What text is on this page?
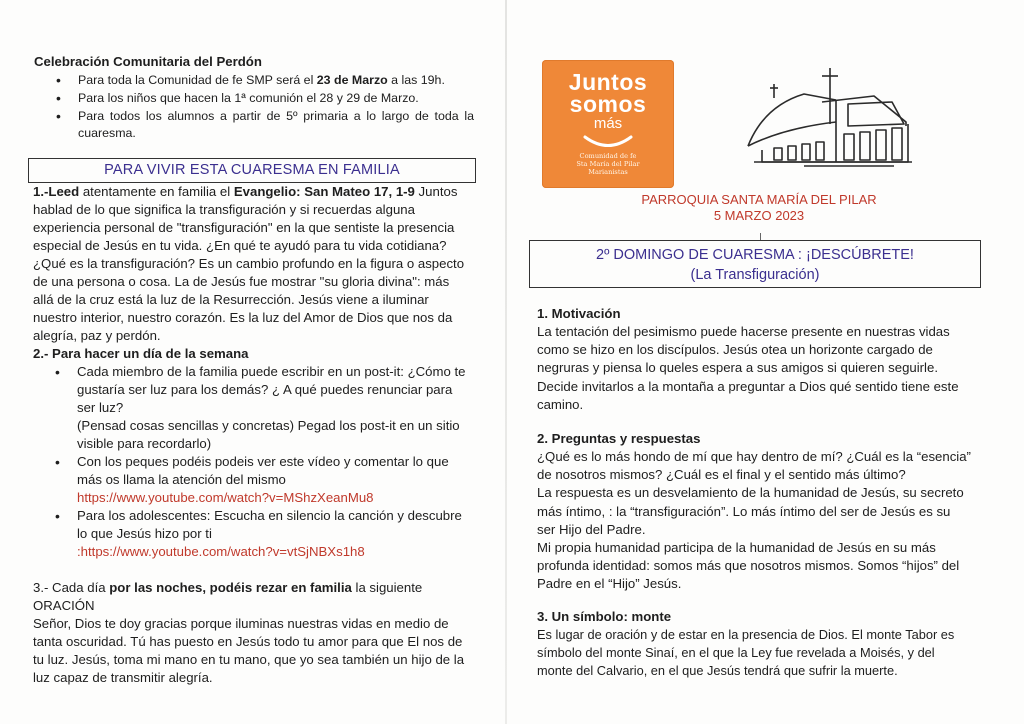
Celebración Comunitaria del Perdón
• Para toda la Comunidad de fe SMP será el 23 de Marzo a las 19h.
• Para los niños que hacen la 1ª comunión el 28 y 29 de Marzo.
• Para todos los alumnos a partir de 5º primaria a lo largo de toda la cuaresma.
PARA VIVIR ESTA CUARESMA EN FAMILIA

1.-Leed atentamente en familia el Evangelio: San Mateo 17, 1-9 Juntos hablad de lo que significa la transfiguración y si recuerdas alguna experiencia personal de "transfiguración" en la que sentiste la presencia especial de Jesús en tu vida. ¿En qué te ayudó para tu vida cotidiana? ¿Qué es la transfiguración? Es un cambio profundo en la figura o aspecto de una persona o cosa. La de Jesús fue mostrar "su gloria divina": más allá de la cruz está la luz de la Resurrección. Jesús viene a iluminar nuestro interior, nuestro corazón. Es la luz del Amor de Dios que nos da alegría, paz y perdón.

2.- Para hacer un día de la semana

• Cada miembro de la familia puede escribir en un post-it: ¿Cómo te gustaría ser luz para los demás? ¿ A qué puedes renunciar para ser luz?
(Pensad cosas sencillas y concretas) Pegad los post-it en un sitio visible para recordarlo)
• Con los peques podéis podeis ver este vídeo y comentar lo que más os llama la atención del mismo
https://www.youtube.com/watch?v=MShzXeanMu8
• Para los adolescentes: Escucha en silencio la canción y descubre lo que Jesús hizo por ti
:https://www.youtube.com/watch?v=vtSjNBXs1h8

3.- Cada día por las noches, podéis rezar en familia la siguiente

ORACIÓN

Señor, Dios te doy gracias porque iluminas nuestras vidas en medio de tanta oscuridad. Tú has puesto en Jesús todo tu amor para que El nos de tu luz. Jesús, toma mi mano en tu mano, que yo sea también un hijo de la luz capaz de transmitir alegría.

Juntos
somos
más
Comunidad de fe
Sta María del Pilar
Marianistas
PARROQUIA SANTA MARÍA DEL PILAR
5 MARZO 2023
2º DOMINGO DE CUARESMA : ¡DESCÚBRETE!
(La Transfiguración)
1. Motivación

La tentación del pesimismo puede hacerse presente en nuestras vidas como se hizo en los discípulos. Jesús otea un horizonte cargado de negruras y piensa lo queles espera a sus amigos si quieren seguirle. Decide invitarlos a la montaña a preguntar a Dios qué sentido tiene este camino.

2. Preguntas y respuestas

¿Qué es lo más hondo de mí que hay dentro de mí? ¿Cuál es la “esencia” de nosotros mismos? ¿Cuál es el final y el sentido más último?

La respuesta es un desvelamiento de la humanidad de Jesús, su secreto más íntimo, : la “transfiguración”. Lo más íntimo del ser de Jesús es su ser Hijo del Padre.

Mi propia humanidad participa de la humanidad de Jesús en su más profunda identidad: somos más que nosotros mismos. Somos “hijos” del Padre en el “Hijo” Jesús.

3. Un símbolo: monte

Es lugar de oración y de estar en la presencia de Dios. El monte Tabor es símbolo del monte Sinaí, en el que la Ley fue revelada a Moisés, y del monte del Calvario, en el que Jesús tendrá que sufrir la muerte.
